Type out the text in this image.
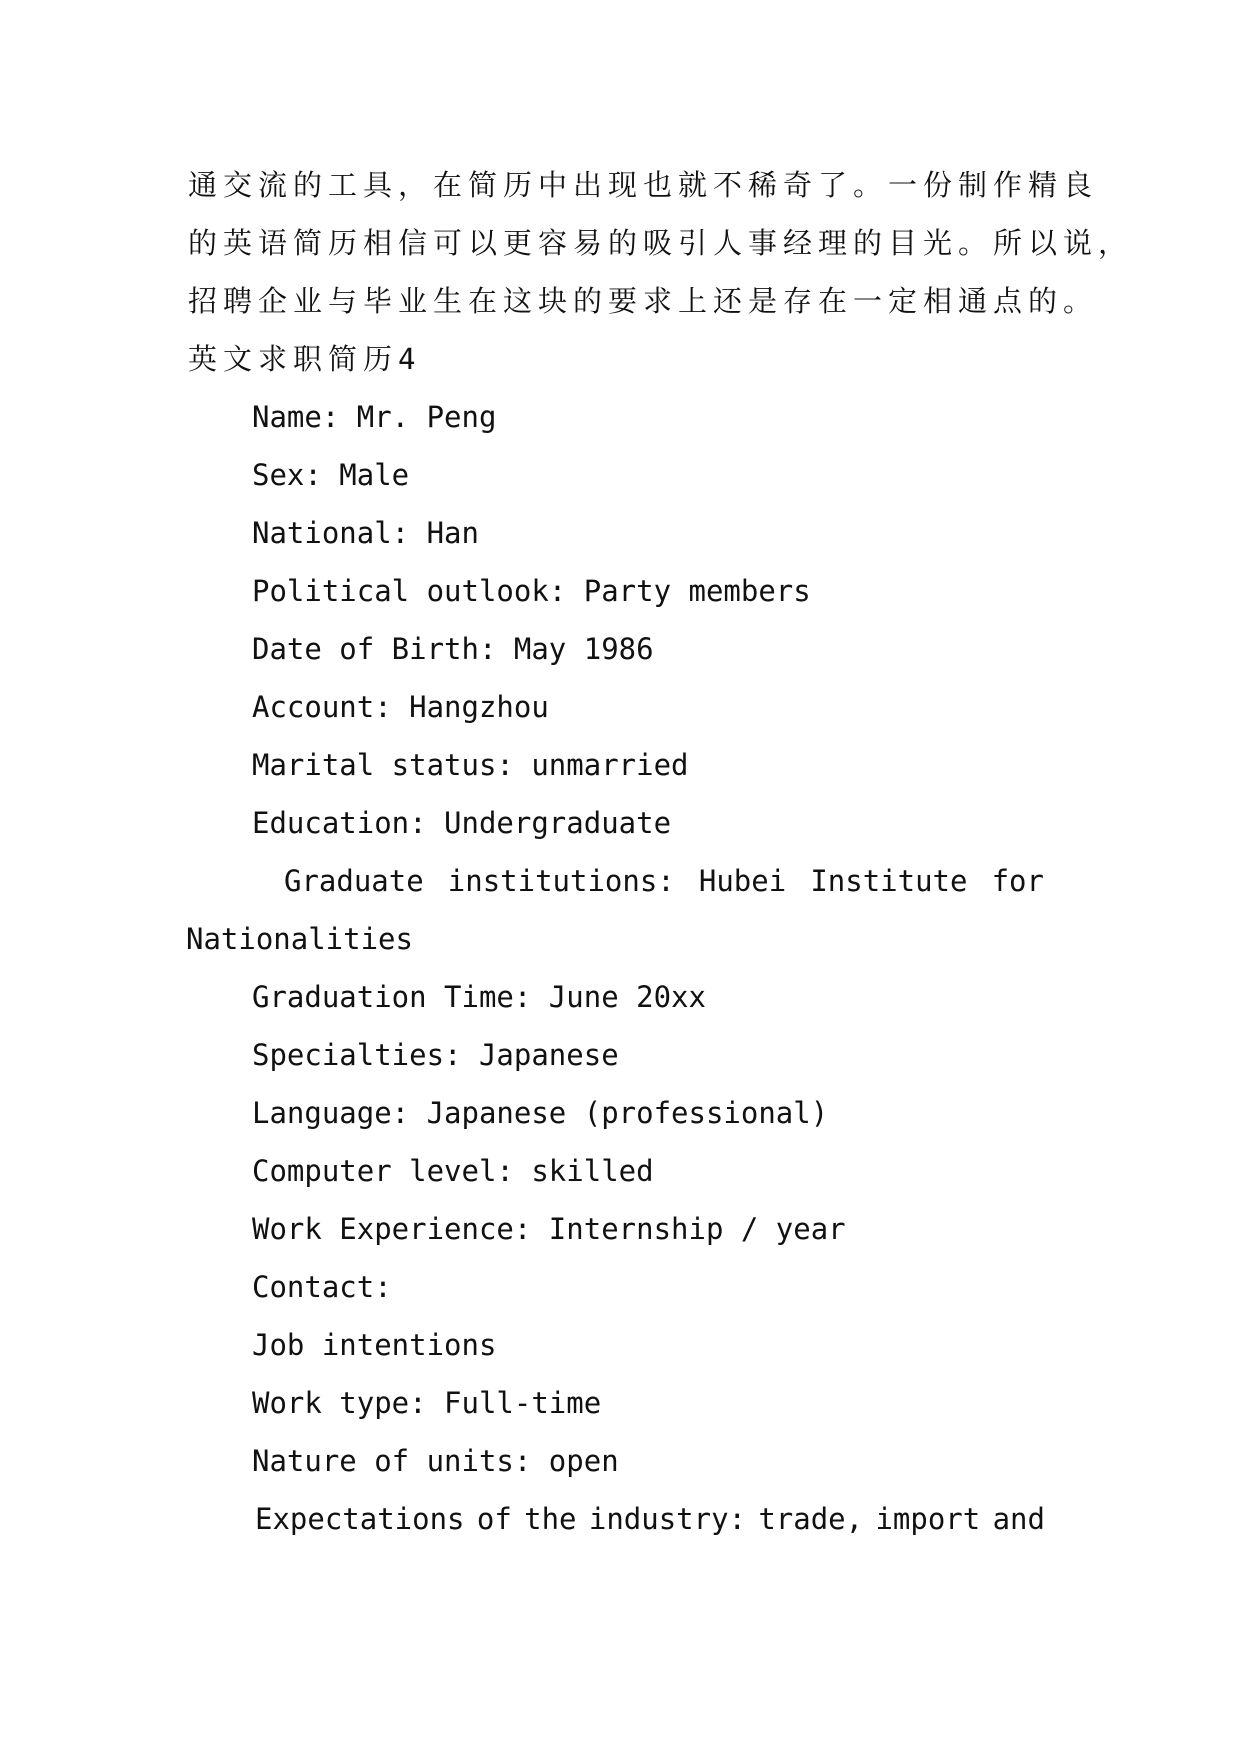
通交流的工具，在简历中出现也就不稀奇了。一份制作精良
的英语简历相信可以更容易的吸引人事经理的目光。所以说，
招聘企业与毕业生在这块的要求上还是存在一定相通点的。
英文求职简历4
Name: Mr. Peng
Sex: Male
National: Han
Political outlook: Party members
Date of Birth: May 1986
Account: Hangzhou
Marital status: unmarried
Education: Undergraduate
Graduate institutions: Hubei Institute for
Nationalities
Graduation Time: June 20xx
Specialties: Japanese
Language: Japanese (professional)
Computer level: skilled
Work Experience: Internship / year
Contact:
Job intentions
Work type: Full-time
Nature of units: open
Expectations of the industry: trade, import and
